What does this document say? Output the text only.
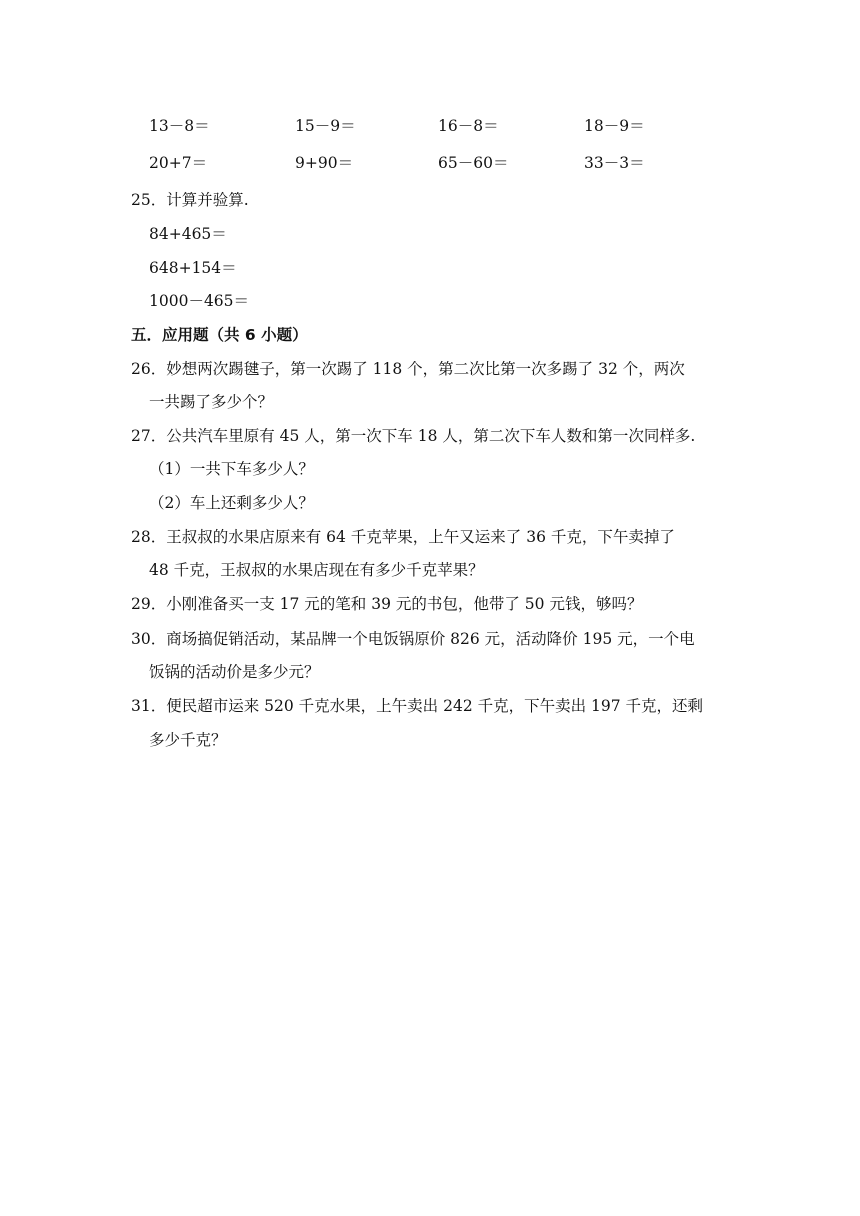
13－8＝	15－9＝	16－8＝	18－9＝
20+7＝	9+90＝	65－60＝	33－3＝
25．计算并验算.
84+465＝
648+154＝
1000－465＝
五．应用题（共 6 小题）
26．妙想两次踢毽子，第一次踢了 118 个，第二次比第一次多踢了 32 个，两次
一共踢了多少个？
27．公共汽车里原有 45 人，第一次下车 18 人，第二次下车人数和第一次同样多.
（1）一共下车多少人？
（2）车上还剩多少人？
28．王叔叔的水果店原来有 64 千克苹果，上午又运来了 36 千克，下午卖掉了
48 千克，王叔叔的水果店现在有多少千克苹果？
29．小刚准备买一支 17 元的笔和 39 元的书包，他带了 50 元钱，够吗？
30．商场搞促销活动，某品牌一个电饭锅原价 826 元，活动降价 195 元，一个电
饭锅的活动价是多少元？
31．便民超市运来 520 千克水果，上午卖出 242 千克，下午卖出 197 千克，还剩
多少千克？
